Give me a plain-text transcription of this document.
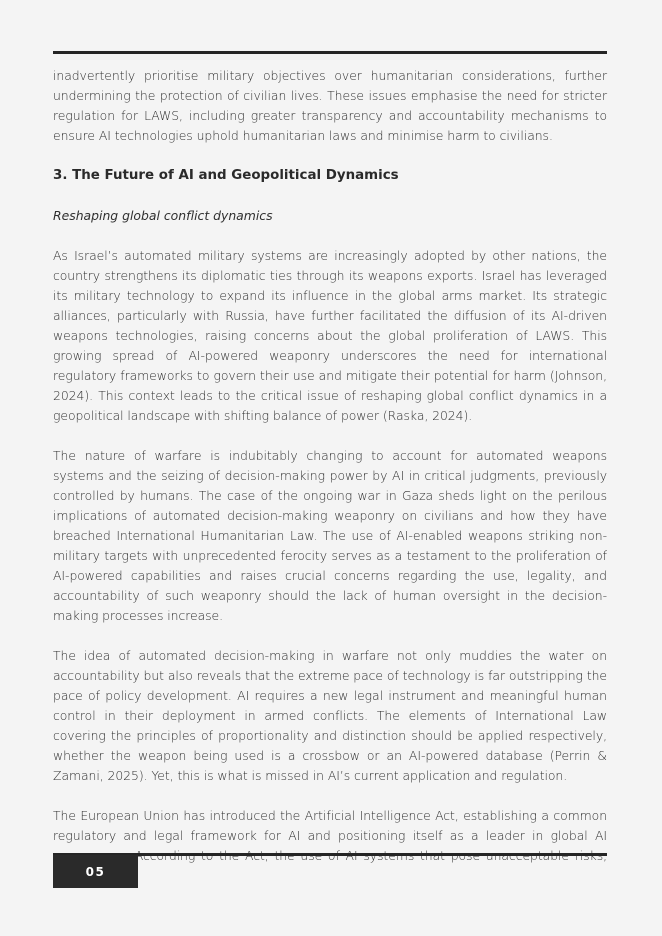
inadvertently prioritise military objectives over humanitarian considerations, further undermining the protection of civilian lives. These issues emphasise the need for stricter regulation for LAWS, including greater transparency and accountability mechanisms to ensure AI technologies uphold humanitarian laws and minimise harm to civilians.

3. The Future of AI and Geopolitical Dynamics

Reshaping global conflict dynamics

As Israel’s automated military systems are increasingly adopted by other nations, the country strengthens its diplomatic ties through its weapons exports. Israel has leveraged its military technology to expand its influence in the global arms market. Its strategic alliances, particularly with Russia, have further facilitated the diffusion of its AI-driven weapons technologies, raising concerns about the global proliferation of LAWS. This growing spread of AI-powered weaponry underscores the need for international regulatory frameworks to govern their use and mitigate their potential for harm (Johnson, 2024). This context leads to the critical issue of reshaping global conflict dynamics in a geopolitical landscape with shifting balance of power (Raska, 2024).

The nature of warfare is indubitably changing to account for automated weapons systems and the seizing of decision-making power by AI in critical judgments, previously controlled by humans. The case of the ongoing war in Gaza sheds light on the perilous implications of automated decision-making weaponry on civilians and how they have breached International Humanitarian Law. The use of AI-enabled weapons striking non-military targets with unprecedented ferocity serves as a testament to the proliferation of AI-powered capabilities and raises crucial concerns regarding the use, legality, and accountability of such weaponry should the lack of human oversight in the decision-making processes increase.

The idea of automated decision-making in warfare not only muddies the water on accountability but also reveals that the extreme pace of technology is far outstripping the pace of policy development. AI requires a new legal instrument and meaningful human control in their deployment in armed conflicts. The elements of International Law covering the principles of proportionality and distinction should be applied respectively, whether the weapon being used is a crossbow or an AI-powered database (Perrin & Zamani, 2025). Yet, this is what is missed in AI’s current application and regulation.

The European Union has introduced the Artificial Intelligence Act, establishing a common regulatory and legal framework for AI and positioning itself as a leader in global AI

05
